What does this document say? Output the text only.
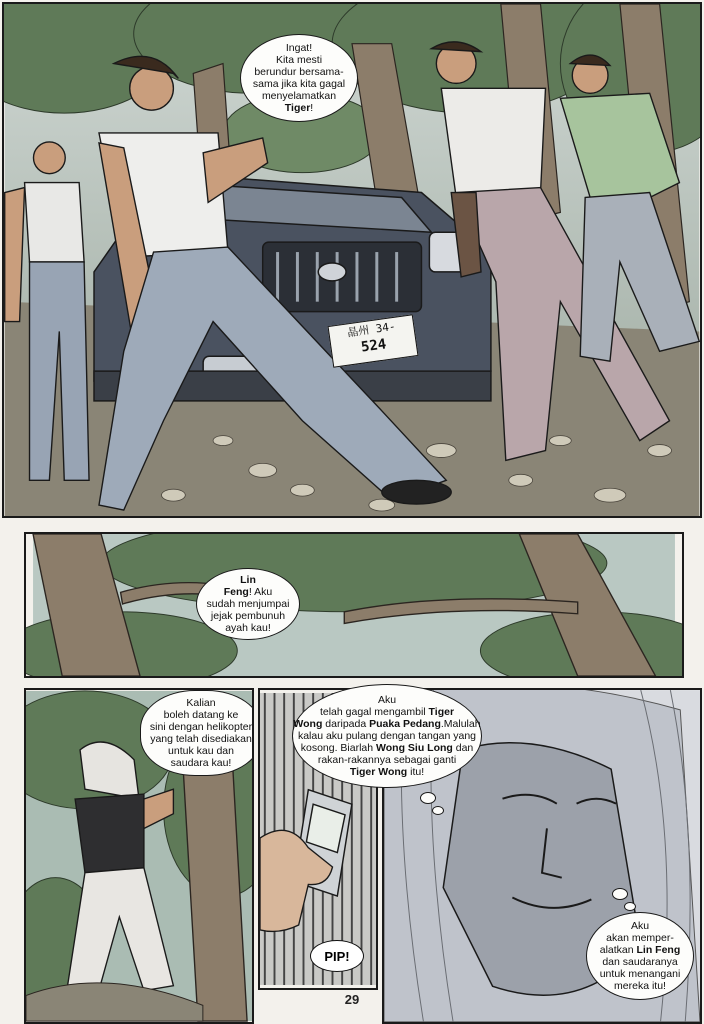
Ingat!
Kita mesti
berundur bersama-
sama jika kita gagal
menyelamatkan
Tiger!
晶州 34-
524
Lin
Feng! Aku
sudah menjumpai
jejak pembunuh
ayah kau!
Kalian
boleh datang ke
sini dengan helikopter
yang telah disediakan
untuk kau dan
saudara kau!
PIP!
Aku
telah gagal mengambil Tiger
Wong daripada Puaka Pedang.Malulah
kalau aku pulang dengan tangan yang
kosong. Biarlah Wong Siu Long dan
rakan-rakannya sebagai ganti
Tiger Wong itu!
Aku
akan memper-
alatkan Lin Feng
dan saudaranya
untuk menangani
mereka itu!
29
